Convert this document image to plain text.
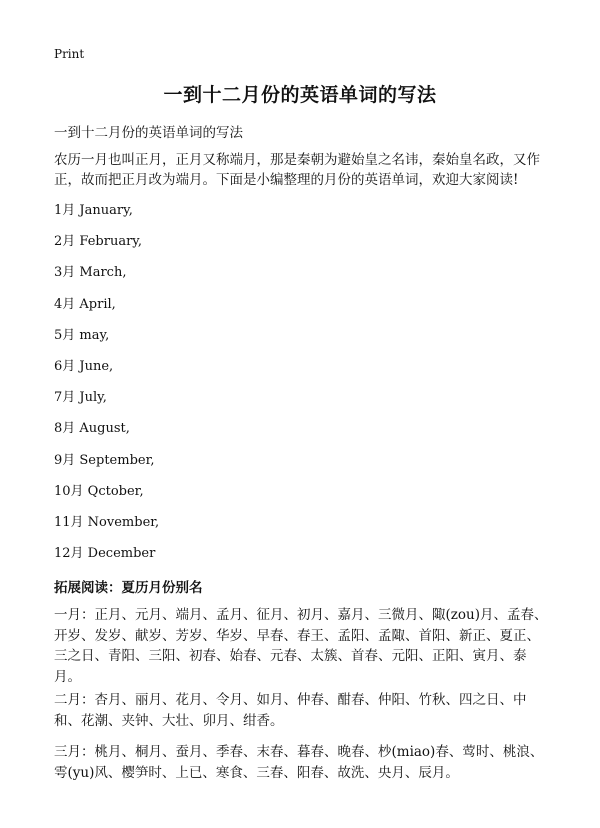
Print
一到十二月份的英语单词的写法
一到十二月份的英语单词的写法
农历一月也叫正月，正月又称端月，那是秦朝为避始皇之名讳，秦始皇名政，又作正，故而把正月改为端月。下面是小编整理的月份的英语单词，欢迎大家阅读!
1月 January,
2月 February,
3月 March,
4月 April,
5月 may,
6月 June,
7月 July,
8月 August,
9月 September,
10月 Qctober,
11月 November,
12月 December
拓展阅读：夏历月份别名
一月：正月、元月、端月、孟月、征月、初月、嘉月、三微月、陬(zou)月、孟春、开岁、发岁、献岁、芳岁、华岁、早春、春王、孟阳、孟陬、首阳、新正、夏正、三之日、青阳、三阳、初春、始春、元春、太簇、首春、元阳、正阳、寅月、泰月。
二月：杏月、丽月、花月、令月、如月、仲春、酣春、仲阳、竹秋、四之日、中和、花潮、夹钟、大壮、卯月、绀香。
三月：桃月、桐月、蚕月、季春、末春、暮春、晚春、杪(miao)春、莺时、桃浪、雩(yu)风、樱笋时、上已、寒食、三春、阳春、故洗、央月、辰月。
